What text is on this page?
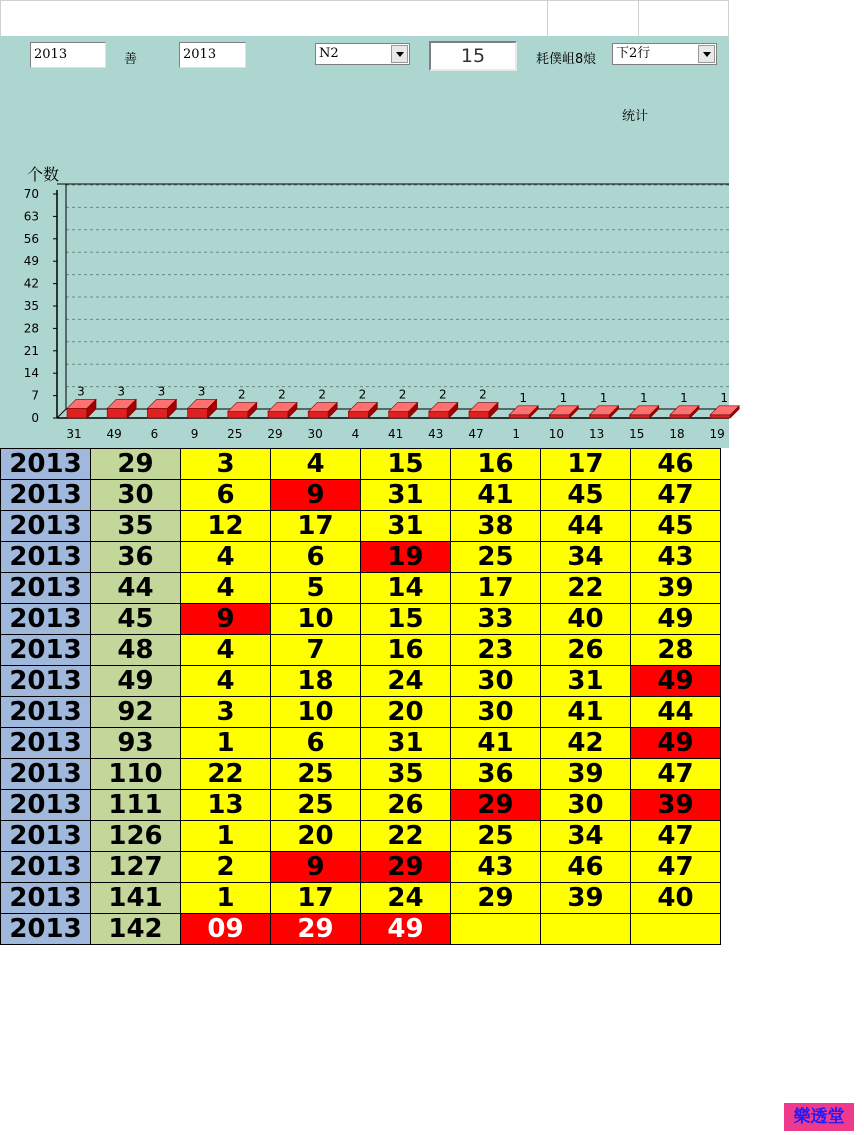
2013	善	2013	N2	15	耗僕岨8烺	下2行
统计
个数
0
7
14
21
28
35
42
49
56
63
70
31 49 6	9 25 29 30 4 41 43 47 1 10 13 15 18 19
3	3	3	3	2	2	2	2	2	2	2	1	1	1	1	1	1
2013	29	3	4	15	16	17	46
2013	30	6	9	31	41	45	47
2013	35	12	17	31	38	44	45
2013	36	4	6	19	25	34	43
2013	44	4	5	14	17	22	39
2013	45	9	10	15	33	40	49
2013	48	4	7	16	23	26	28
2013	49	4	18	24	30	31	49
2013	92	3	10	20	30	41	44
2013	93	1	6	31	41	42	49
2013	110	22	25	35	36	39	47
2013	111	13	25	26	29	30	39
2013	126	1	20	22	25	34	47
2013	127	2	9	29	43	46	47
2013	141	1	17	24	29	39	40
2013	142	09	29	49			
樂透堂
